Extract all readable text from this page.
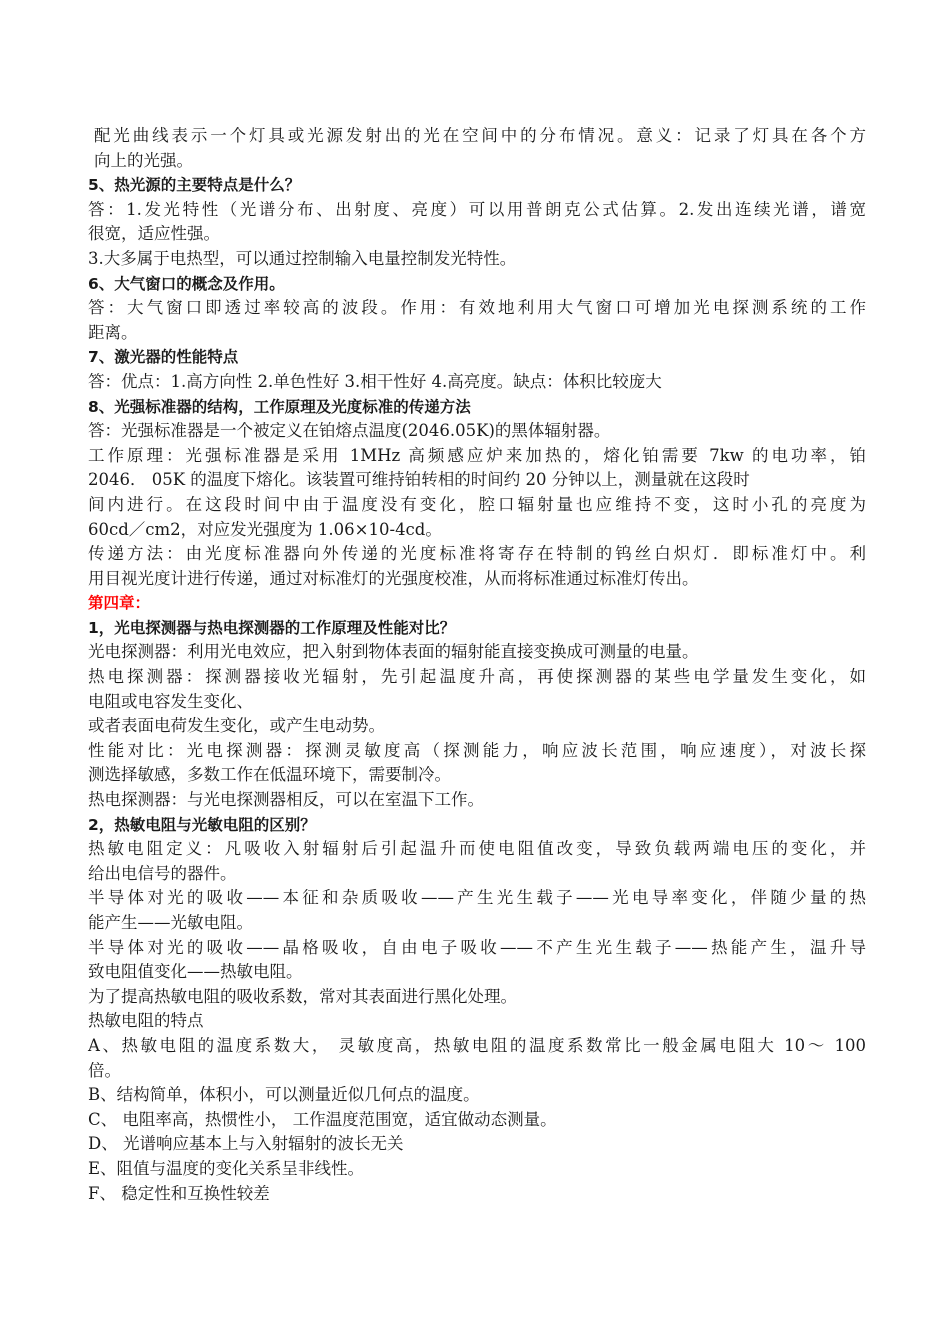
配光曲线表示一个灯具或光源发射出的光在空间中的分布情况。意义：记录了灯具在各个方
向上的光强。
5、热光源的主要特点是什么？
答：1.发光特性（光谱分布、出射度、亮度）可以用普朗克公式估算。2.发出连续光谱，谱宽
很宽，适应性强。
3.大多属于电热型，可以通过控制输入电量控制发光特性。
6、大气窗口的概念及作用。
答：大气窗口即透过率较高的波段。作用：有效地利用大气窗口可增加光电探测系统的工作
距离。
7、激光器的性能特点
答：优点：1.高方向性 2.单色性好 3.相干性好 4.高亮度。缺点：体积比较庞大
8、光强标准器的结构，工作原理及光度标准的传递方法
答：光强标准器是一个被定义在铂熔点温度(2046.05K)的黑体辐射器。
工作原理：光强标准器是采用 1MHz 高频感应炉来加热的，熔化铂需要 7kw 的电功率，铂
2046． 05K 的温度下熔化。该装置可维持铂转相的时间约 20 分钟以上，测量就在这段时
间内进行。在这段时间中由于温度没有变化，腔口辐射量也应维持不变，这时小孔的亮度为
60cd／cm2，对应发光强度为 1.06×10-4cd。
传递方法：由光度标准器向外传递的光度标准将寄存在特制的钨丝白炽灯．即标准灯中。利
用目视光度计进行传递，通过对标准灯的光强度校准，从而将标准通过标准灯传出。
第四章：
1，光电探测器与热电探测器的工作原理及性能对比？
光电探测器：利用光电效应，把入射到物体表面的辐射能直接变换成可测量的电量。
热电探测器：探测器接收光辐射，先引起温度升高，再使探测器的某些电学量发生变化，如
电阻或电容发生变化、
或者表面电荷发生变化，或产生电动势。
性能对比：光电探测器：探测灵敏度高（探测能力，响应波长范围，响应速度），对波长探
测选择敏感，多数工作在低温环境下，需要制冷。
热电探测器：与光电探测器相反，可以在室温下工作。
2，热敏电阻与光敏电阻的区别？
热敏电阻定义：凡吸收入射辐射后引起温升而使电阻值改变，导致负载两端电压的变化，并
给出电信号的器件。
半导体对光的吸收——本征和杂质吸收——产生光生载子——光电导率变化，伴随少量的热
能产生——光敏电阻。
半导体对光的吸收——晶格吸收，自由电子吸收——不产生光生载子——热能产生，温升导
致电阻值变化——热敏电阻。
为了提高热敏电阻的吸收系数，常对其表面进行黑化处理。
热敏电阻的特点
A、热敏电阻的温度系数大， 灵敏度高，热敏电阻的温度系数常比一般金属电阻大 10～ 100
倍。
B、结构简单，体积小，可以测量近似几何点的温度。
C、 电阻率高，热惯性小， 工作温度范围宽，适宜做动态测量。
D、 光谱响应基本上与入射辐射的波长无关
E、阻值与温度的变化关系呈非线性。
F、 稳定性和互换性较差
